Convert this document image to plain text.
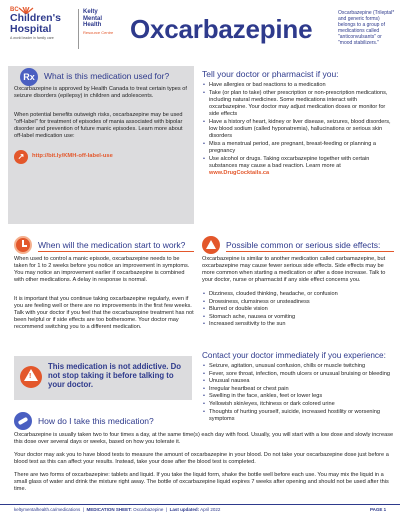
BC
Children's
Hospital
A world leader in family care
Kelty
Mental
Health
Resource Centre Oxcarbazepine
Oxcarbazepine (Trileptal* and generic forms) belongs to a group of medications called "anticonvulsants" or "mood stabilizers."
Rx	What is this medication used for?

Oxcarbazepine is approved by Health Canada to treat certain types of seizure disorders (epilepsy) in children and adolescents.

When potential benefits outweigh risks, oxcarbazepine may be used "off-label" for treatment of episodes of mania associated with bipolar disorder and prevention of future manic episodes. Learn more about off-label medication use:

↗	http://bit.ly/KMH-off-label-use
Tell your doctor or pharmacist if you:
• Have allergies or bad reactions to a medication
• Take (or plan to take) other prescription or non-prescription medications, including natural medicines. Some medications interact with oxcarbazepine. Your doctor may adjust medication doses or monitor for side effects
• Have a history of heart, kidney or liver disease, seizures, blood disorders, low blood sodium (called hyponatremia), hallucinations or serious skin disorders
• Miss a menstrual period, are pregnant, breast-feeding or planning a pregnancy
• Use alcohol or drugs. Taking oxcarbazepine together with certain substances may cause a bad reaction. Learn more at www.DrugCocktails.ca
When will the medication start to work?

When used to control a manic episode, oxcarbazepine needs to be taken for 1 to 2 weeks before you notice an improvement in symptoms. You may notice an improvement earlier if oxcarbazepine is combined with other medications. A delay in response is normal.

It is important that you continue taking oxcarbazepine regularly, even if you are feeling well or there are no improvements in the first few weeks. Talk with your doctor if you feel that the oxcarbazepine treatment has not been helpful or if side effects are too bothersome. Your doctor may recommend switching you to a different medication.

!
This medication is not addictive. Do not stop taking it before talking to your doctor.
Possible common or serious side effects:

Oxcarbazepine is similar to another medication called carbamazepine, but oxcarbazepine may cause fewer serious side effects. Side effects may be more common when starting a medication or after a dose increase. Talk to your doctor, nurse or pharmacist if any side effect concerns you.

• Dizziness, clouded thinking, headache, or confusion
• Drowsiness, clumsiness or unsteadiness
• Blurred or double vision
• Stomach ache, nausea or vomiting
• Increased sensitivity to the sun
Contact your doctor immediately if you experience:
• Seizure, agitation, unusual confusion, chills or muscle twitching
• Fever, sore throat, infection, mouth ulcers or unusual bruising or bleeding
• Unusual nausea
• Irregular heartbeat or chest pain
• Swelling in the face, ankles, feet or lower legs
• Yellowish skin/eyes, itchiness or dark colored urine
• Thoughts of hurting yourself, suicide, increased hostility or worsening symptoms
How do I take this medication?

Oxcarbazepine is usually taken two to four times a day, at the same time(s) each day with food. Usually, you will start with a low dose and slowly increase this dose over several days or weeks, based on how you tolerate it.

Your doctor may ask you to have blood tests to measure the amount of oxcarbazepine in your blood. Do not take your oxcarbazepine dose just before a blood test as this can affect your results. Instead, take your dose after the blood test is completed.

There are two forms of oxcarbazepine: tablets and liquid. If you take the liquid form, shake the bottle well before each use. You may mix the liquid in a small glass of water and drink the mixture right away. The bottle of oxcarbazepine liquid expires 7 weeks after opening and should not be used after this time.

keltymentalhealth.ca/medications  |  MEDICATION SHEET: Oxcarbazepine  |  Last updated: April 2022	PAGE 1
